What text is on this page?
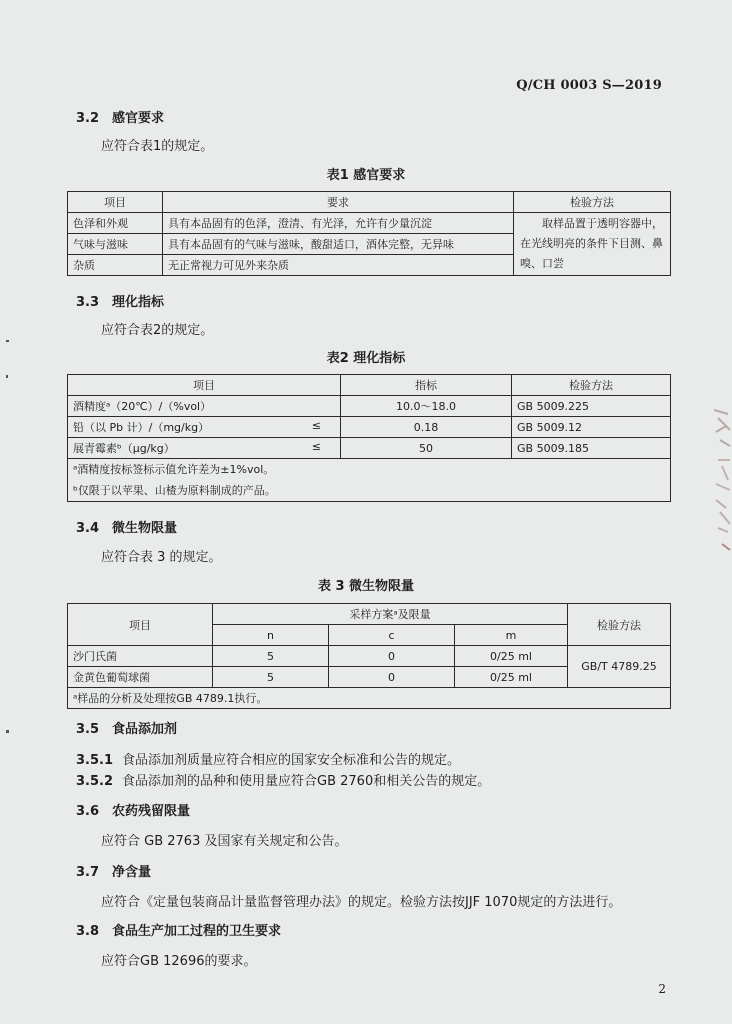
Q/CH 0003 S—2019
3.2 感官要求
应符合表1的规定。
表1 感官要求
项目	要求	检验方法
色泽和外观	具有本品固有的色泽，澄清、有光泽，允许有少量沉淀	取样品置于透明容器中，在光线明亮的条件下目测、鼻嗅、口尝
气味与滋味	具有本品固有的气味与滋味，酸甜适口，酒体完整，无异味	
杂质	无正常视力可见外来杂质	
3.3 理化指标
应符合表2的规定。
表2 理化指标
项目	指标	检验方法
酒精度ᵃ（20℃）/（%vol）	10.0～18.0	GB 5009.225
铅（以 Pb 计）/（mg/kg） ≤	0.18	GB 5009.12
展青霉素ᵇ（μg/kg） ≤	50	GB 5009.185

ᵃ酒精度按标签标示值允许差为±1%vol。
ᵇ仅限于以苹果、山楂为原料制成的产品。		
3.4 微生物限量
应符合表 3 的规定。
表 3 微生物限量
项目	采样方案ᵃ及限量			检验方法
	n	c	m	
沙门氏菌	5	0	0/25 ml	GB/T 4789.25
金黄色葡萄球菌	5	0	0/25 ml	
ᵃ样品的分析及处理按GB 4789.1执行。				
3.5 食品添加剂
3.5.1 食品添加剂质量应符合相应的国家安全标准和公告的规定。
3.5.2 食品添加剂的品种和使用量应符合GB 2760和相关公告的规定。
3.6 农药残留限量
应符合 GB 2763 及国家有关规定和公告。
3.7 净含量
应符合《定量包装商品计量监督管理办法》的规定。检验方法按JJF 1070规定的方法进行。
3.8 食品生产加工过程的卫生要求
应符合GB 12696的要求。
2
